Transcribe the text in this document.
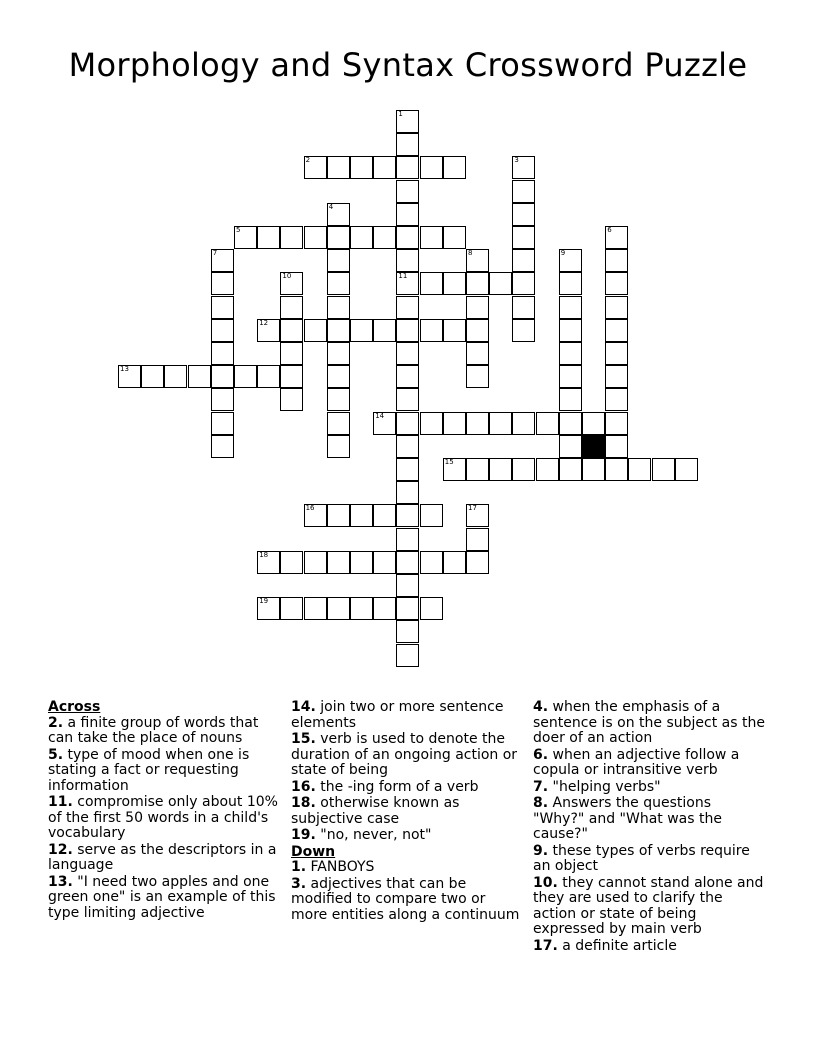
Morphology and Syntax Crossword Puzzle
1
11
2	3
4
5	6
7	8	9
10
12
13
14
15
16	17
18
19
Across
2. a finite group of words that can take the place of nouns
5. type of mood when one is stating a fact or requesting information
11. compromise only about 10% of the first 50 words in a child's vocabulary
12. serve as the descriptors in a language
13. "I need two apples and one green one" is an example of this type limiting adjective
14. join two or more sentence elements
15. verb is used to denote the duration of an ongoing action or state of being
16. the -ing form of a verb
18. otherwise known as subjective case
19. "no, never, not"
Down
1. FANBOYS
3. adjectives that can be modified to compare two or more entities along a continuum
4. when the emphasis of a sentence is on the subject as the doer of an action
6. when an adjective follow a copula or intransitive verb
7. "helping verbs"
8. Answers the questions "Why?" and "What was the cause?"
9. these types of verbs require an object
10. they cannot stand alone and they are used to clarify the action or state of being expressed by main verb
17. a definite article
